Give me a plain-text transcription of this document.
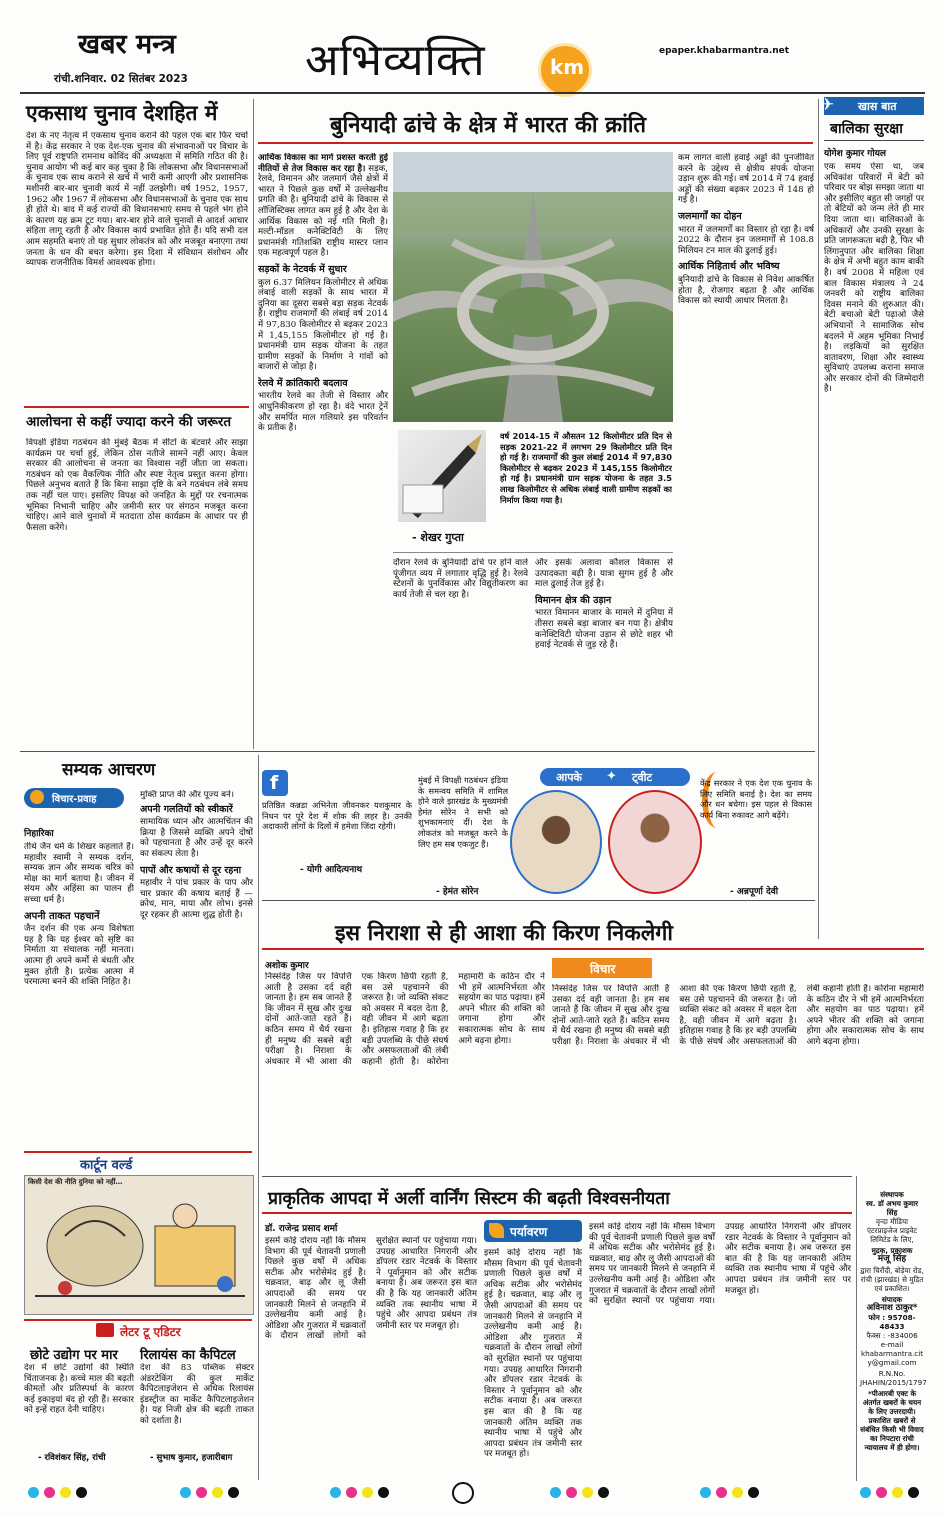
खबर मन्त्र
रांची.शनिवार. 02 सितंबर 2023	अभिव्यक्ति	km
epaper.khabarmantra.net
एकसाथ चुनाव देशहित में
देश के नए नेतृत्व में एकसाथ चुनाव कराने की पहल एक बार फिर चर्चा में है। केंद्र सरकार ने एक देश-एक चुनाव की संभावनाओं पर विचार के लिए पूर्व राष्ट्रपति रामनाथ कोविंद की अध्यक्षता में समिति गठित की है। चुनाव आयोग भी कई बार कह चुका है कि लोकसभा और विधानसभाओं के चुनाव एक साथ कराने से खर्च में भारी कमी आएगी और प्रशासनिक मशीनरी बार-बार चुनावी कार्य में नहीं उलझेगी। वर्ष 1952, 1957, 1962 और 1967 में लोकसभा और विधानसभाओं के चुनाव एक साथ ही होते थे। बाद में कई राज्यों की विधानसभाएं समय से पहले भंग होने के कारण यह क्रम टूट गया। बार-बार होने वाले चुनावों से आदर्श आचार संहिता लागू रहती है और विकास कार्य प्रभावित होते हैं। यदि सभी दल आम सहमति बनाएं तो यह सुधार लोकतंत्र को और मजबूत बनाएगा तथा जनता के धन की बचत करेगा। इस दिशा में संविधान संशोधन और व्यापक राजनीतिक विमर्श आवश्यक होगा।
आलोचना से कहीं ज्यादा करने की जरूरत
विपक्षी इंडिया गठबंधन की मुंबई बैठक में सीटों के बंटवारे और साझा कार्यक्रम पर चर्चा हुई, लेकिन ठोस नतीजे सामने नहीं आए। केवल सरकार की आलोचना से जनता का विश्वास नहीं जीता जा सकता। गठबंधन को एक वैकल्पिक नीति और स्पष्ट नेतृत्व प्रस्तुत करना होगा। पिछले अनुभव बताते हैं कि बिना साझा दृष्टि के बने गठबंधन लंबे समय तक नहीं चल पाए। इसलिए विपक्ष को जनहित के मुद्दों पर रचनात्मक भूमिका निभानी चाहिए और जमीनी स्तर पर संगठन मजबूत करना चाहिए। आने वाले चुनावों में मतदाता ठोस कार्यक्रम के आधार पर ही फैसला करेंगे।
बुनियादी ढांचे के क्षेत्र में भारत की क्रांति
आर्थिक विकास का मार्ग प्रशस्त करती हुई नीतियों से तेज विकास कर रहा है। सड़क, रेलवे, विमानन और जलमार्ग जैसे क्षेत्रों में भारत ने पिछले कुछ वर्षों में उल्लेखनीय प्रगति की है। बुनियादी ढांचे के विकास से लॉजिस्टिक्स लागत कम हुई है और देश के आर्थिक विकास को नई गति मिली है। मल्टी-मॉडल कनेक्टिविटी के लिए प्रधानमंत्री गतिशक्ति राष्ट्रीय मास्टर प्लान एक महत्वपूर्ण पहल है।
सड़कों के नेटवर्क में सुधार
कुल 6.37 मिलियन किलोमीटर से अधिक लंबाई वाली सड़कों के साथ भारत में दुनिया का दूसरा सबसे बड़ा सड़क नेटवर्क है। राष्ट्रीय राजमार्गों की लंबाई वर्ष 2014 में 97,830 किलोमीटर से बढ़कर 2023 में 1,45,155 किलोमीटर हो गई है। प्रधानमंत्री ग्राम सड़क योजना के तहत ग्रामीण सड़कों के निर्माण ने गांवों को बाजारों से जोड़ा है।
रेलवे में क्रांतिकारी बदलाव
भारतीय रेलवे का तेजी से विस्तार और आधुनिकीकरण हो रहा है। वंदे भारत ट्रेनें और समर्पित माल गलियारे इस परिवर्तन के प्रतीक हैं।
- शेखर गुप्ता
वर्ष 2014-15 में औसतन 12 किलोमीटर प्रति दिन से सड़क 2021-22 में लगभग 29 किलोमीटर प्रति दिन हो गई है। राजमार्गों की कुल लंबाई 2014 में 97,830 किलोमीटर से बढ़कर 2023 में 145,155 किलोमीटर हो गई है। प्रधानमंत्री ग्राम सड़क योजना के तहत 3.5 लाख किलोमीटर से अधिक लंबाई वाली ग्रामीण सड़कों का निर्माण किया गया है।
दौरान रेलवे के बुनियादी ढांचे पर होने वाले पूंजीगत व्यय में लगातार वृद्धि हुई है। रेलवे स्टेशनों के पुनर्विकास और विद्युतीकरण का कार्य तेजी से चल रहा है।
और इसके अलावा कौशल विकास से उत्पादकता बढ़ी है। यात्रा सुगम हुई है और माल ढुलाई तेज हुई है।
विमानन क्षेत्र की उड़ान
भारत विमानन बाजार के मामले में दुनिया में तीसरा सबसे बड़ा बाजार बन गया है। क्षेत्रीय कनेक्टिविटी योजना उड़ान से छोटे शहर भी हवाई नेटवर्क से जुड़ रहे हैं।
कम लागत वाली हवाई अड्डों की पुनर्जीवित करने के उद्देश्य से क्षेत्रीय संपर्क योजना उड़ान शुरू की गई। वर्ष 2014 में 74 हवाई अड्डों की संख्या बढ़कर 2023 में 148 हो गई है।
जलमार्गों का दोहन
भारत में जलमार्गों का विस्तार हो रहा है। वर्ष 2022 के दौरान इन जलमार्गों से 108.8 मिलियन टन माल की ढुलाई हुई।
आर्थिक निहितार्थ और भविष्य
बुनियादी ढांचे के विकास से निवेश आकर्षित होता है, रोजगार बढ़ता है और आर्थिक विकास को स्थायी आधार मिलता है।
✈ खास बात
बालिका सुरक्षा
योगेश कुमार गोयल
एक समय ऐसा था, जब अधिकांश परिवारों में बेटी को परिवार पर बोझ समझा जाता था और इसीलिए बहुत सी जगहों पर तो बेटियों को जन्म लेते ही मार दिया जाता था। बालिकाओं के अधिकारों और उनकी सुरक्षा के प्रति जागरूकता बढ़ी है, फिर भी लिंगानुपात और बालिका शिक्षा के क्षेत्र में अभी बहुत काम बाकी है। वर्ष 2008 में महिला एवं बाल विकास मंत्रालय ने 24 जनवरी को राष्ट्रीय बालिका दिवस मनाने की शुरुआत की। बेटी बचाओ बेटी पढ़ाओ जैसे अभियानों ने सामाजिक सोच बदलने में अहम भूमिका निभाई है। लड़कियों को सुरक्षित वातावरण, शिक्षा और स्वास्थ्य सुविधाएं उपलब्ध कराना समाज और सरकार दोनों की जिम्मेदारी है।
सम्यक आचरण
विचार-प्रवाह
निहारिका
तीर्थ जैन धर्म के शिखर कहलाते हैं। महावीर स्वामी ने सम्यक दर्शन, सम्यक ज्ञान और सम्यक चरित्र को मोक्ष का मार्ग बताया है। जीवन में संयम और अहिंसा का पालन ही सच्चा धर्म है।
अपनी ताकत पहचानें
जैन दर्शन की एक अन्य विशेषता यह है कि यह ईश्वर को सृष्टि का निर्माता या संचालक नहीं मानता। आत्मा ही अपने कर्मों से बंधती और मुक्त होती है। प्रत्येक आत्मा में परमात्मा बनने की शक्ति निहित है।
मुक्ति प्राप्त की और पूज्य बने।
अपनी गलतियों को स्वीकारें
सामायिक ध्यान और आत्मचिंतन की क्रिया है जिससे व्यक्ति अपने दोषों को पहचानता है और उन्हें दूर करने का संकल्प लेता है।
पापों और कषायों से दूर रहना
महावीर ने पांच प्रकार के पाप और चार प्रकार की कषाय बताई हैं — क्रोध, मान, माया और लोभ। इनसे दूर रहकर ही आत्मा शुद्ध होती है।
कार्टून वर्ल्ड
किसी देश की नीति दुनिया को नहीं…
लेटर टू एडिटर
छोटे उद्योग पर मार
देश में छोटे उद्योगों की स्थिति चिंताजनक है। कच्चे माल की बढ़ती कीमतों और प्रतिस्पर्धा के कारण कई इकाइयां बंद हो रही हैं। सरकार को इन्हें राहत देनी चाहिए।
- रविशंकर सिंह, रांची
रिलायंस का कैपिटल
देश की 83 पब्लिक सेक्टर अंडरटेकिंग की कुल मार्केट कैपिटलाइजेशन से अधिक रिलायंस इंडस्ट्रीज का मार्केट कैपिटलाइजेशन है। यह निजी क्षेत्र की बढ़ती ताकत को दर्शाता है।
- सुभाष कुमार, हजारीबाग
f
प्रतिष्ठित कन्नडा अभिनेता जीवनकर यशकुमार के निधन पर पूरे देश में शोक की लहर है। उनकी अदाकारी लोगों के दिलों में हमेशा जिंदा रहेगी।
- योगी आदित्यनाथ
मुंबई में विपक्षी गठबंधन इंडिया के समन्वय समिति में शामिल होने वाले झारखंड के मुख्यमंत्री हेमंत सोरेन ने सभी को शुभकामनाएं दीं। देश के लोकतंत्र को मजबूत करने के लिए हम सब एकजुट हैं।
- हेमंत सोरेन
आपके ✦ ट्वीट	केंद्र सरकार ने एक देश एक चुनाव के लिए समिति बनाई है। देश का समय और धन बचेगा। इस पहल से विकास कार्य बिना रुकावट आगे बढ़ेंगे।
- अन्नपूर्णा देवी
इस निराशा से ही आशा की किरण निकलेगी
अशोक कुमार	विचार
निस्संदेह जिस पर विपत्ति आती है उसका दर्द वही जानता है। हम सब जानते हैं कि जीवन में सुख और दुःख दोनों आते-जाते रहते हैं। कठिन समय में धैर्य रखना ही मनुष्य की सबसे बड़ी परीक्षा है। निराशा के अंधकार में भी आशा की एक किरण छिपी रहती है, बस उसे पहचानने की जरूरत है। जो व्यक्ति संकट को अवसर में बदल देता है, वही जीवन में आगे बढ़ता है। इतिहास गवाह है कि हर बड़ी उपलब्धि के पीछे संघर्ष और असफलताओं की लंबी कहानी होती है। कोरोना महामारी के कठिन दौर ने भी हमें आत्मनिर्भरता और सहयोग का पाठ पढ़ाया। हमें अपने भीतर की शक्ति को जगाना होगा और सकारात्मक सोच के साथ आगे बढ़ना होगा।
निस्संदेह जिस पर विपत्ति आती है उसका दर्द वही जानता है। हम सब जानते हैं कि जीवन में सुख और दुःख दोनों आते-जाते रहते हैं। कठिन समय में धैर्य रखना ही मनुष्य की सबसे बड़ी परीक्षा है। निराशा के अंधकार में भी आशा की एक किरण छिपी रहती है, बस उसे पहचानने की जरूरत है। जो व्यक्ति संकट को अवसर में बदल देता है, वही जीवन में आगे बढ़ता है। इतिहास गवाह है कि हर बड़ी उपलब्धि के पीछे संघर्ष और असफलताओं की लंबी कहानी होती है। कोरोना महामारी के कठिन दौर ने भी हमें आत्मनिर्भरता और सहयोग का पाठ पढ़ाया। हमें अपने भीतर की शक्ति को जगाना होगा और सकारात्मक सोच के साथ आगे बढ़ना होगा।
प्राकृतिक आपदा में अर्ली वार्निंग सिस्टम की बढ़ती विश्वसनीयता
डॉ. राजेन्द्र प्रसाद शर्मा	पर्यावरण
इसमें कोई दोराय नहीं कि मौसम विभाग की पूर्व चेतावनी प्रणाली पिछले कुछ वर्षों में अधिक सटीक और भरोसेमंद हुई है। चक्रवात, बाढ़ और लू जैसी आपदाओं की समय पर जानकारी मिलने से जनहानि में उल्लेखनीय कमी आई है। ओडिशा और गुजरात में चक्रवातों के दौरान लाखों लोगों को सुरक्षित स्थानों पर पहुंचाया गया। उपग्रह आधारित निगरानी और डॉपलर रडार नेटवर्क के विस्तार ने पूर्वानुमान को और सटीक बनाया है। अब जरूरत इस बात की है कि यह जानकारी अंतिम व्यक्ति तक स्थानीय भाषा में पहुंचे और आपदा प्रबंधन तंत्र जमीनी स्तर पर मजबूत हो।
इसमें कोई दोराय नहीं कि मौसम विभाग की पूर्व चेतावनी प्रणाली पिछले कुछ वर्षों में अधिक सटीक और भरोसेमंद हुई है। चक्रवात, बाढ़ और लू जैसी आपदाओं की समय पर जानकारी मिलने से जनहानि में उल्लेखनीय कमी आई है। ओडिशा और गुजरात में चक्रवातों के दौरान लाखों लोगों को सुरक्षित स्थानों पर पहुंचाया गया। उपग्रह आधारित निगरानी और डॉपलर रडार नेटवर्क के विस्तार ने पूर्वानुमान को और सटीक बनाया है। अब जरूरत इस बात की है कि यह जानकारी अंतिम व्यक्ति तक स्थानीय भाषा में पहुंचे और आपदा प्रबंधन तंत्र जमीनी स्तर पर मजबूत हो।
इसमें कोई दोराय नहीं कि मौसम विभाग की पूर्व चेतावनी प्रणाली पिछले कुछ वर्षों में अधिक सटीक और भरोसेमंद हुई है। चक्रवात, बाढ़ और लू जैसी आपदाओं की समय पर जानकारी मिलने से जनहानि में उल्लेखनीय कमी आई है। ओडिशा और गुजरात में चक्रवातों के दौरान लाखों लोगों को सुरक्षित स्थानों पर पहुंचाया गया। उपग्रह आधारित निगरानी और डॉपलर रडार नेटवर्क के विस्तार ने पूर्वानुमान को और सटीक बनाया है। अब जरूरत इस बात की है कि यह जानकारी अंतिम व्यक्ति तक स्थानीय भाषा में पहुंचे और आपदा प्रबंधन तंत्र जमीनी स्तर पर मजबूत हो।
संस्थापक
स्व. डॉ अभय कुमार सिंह
वृन्दा मीडिया एंटरप्राइजेज प्राइवेट लिमिटेड के लिए,
मुद्रक, प्रकाशक
मंजू सिंह
द्वारा चिरौंदी, बोड़ेया रोड, रांची (झारखंड) से मुद्रित एवं प्रकाशित।
संपादक
अविनाश ठाकुर*
फोन : 95708-48433
फैक्स : -834006
e-mail
khabarmantra.city@gmail.com
R.N.No.
JHAHIN/2015/1797
*पीआरबी एक्ट के अंतर्गत खबरों के चयन के लिए उत्तरदायी। प्रकाशित खबरों से संबंधित किसी भी विवाद का निपटारा रांची न्यायालय में ही होगा।
